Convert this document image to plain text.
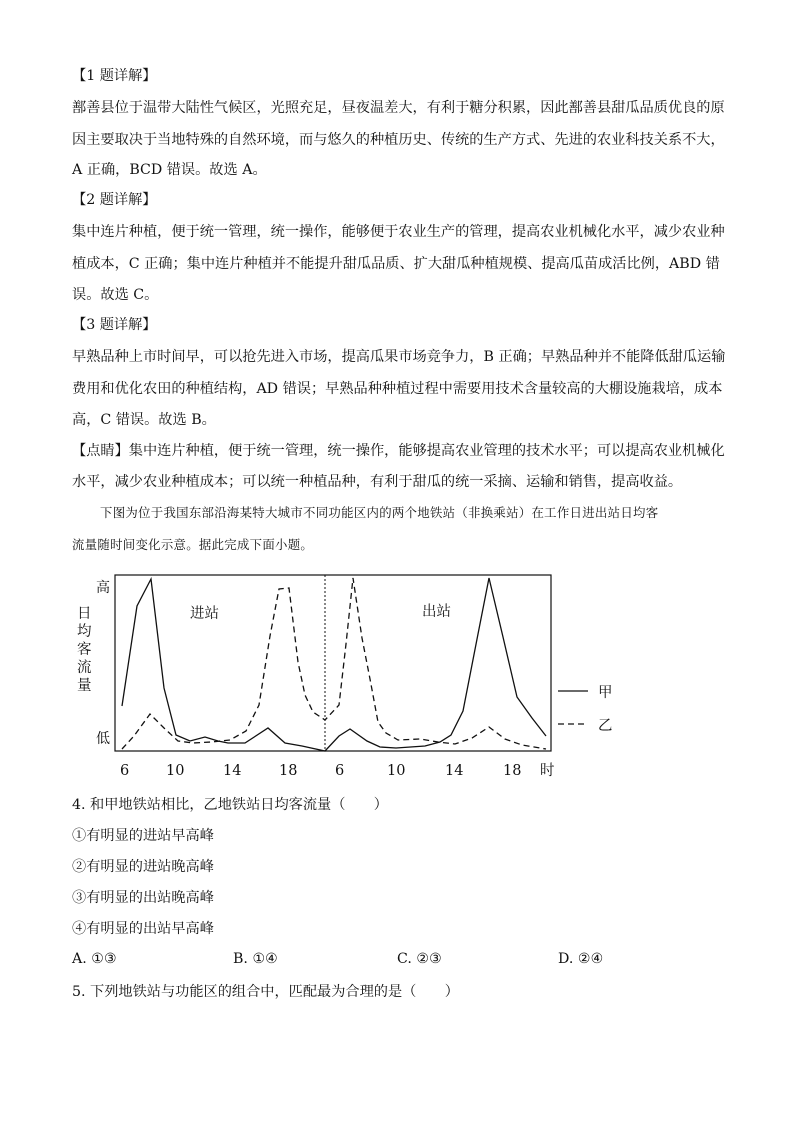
【1 题详解】
鄯善县位于温带大陆性气候区，光照充足，昼夜温差大，有利于糖分积累，因此鄯善县甜瓜品质优良的原
因主要取决于当地特殊的自然环境，而与悠久的种植历史、传统的生产方式、先进的农业科技关系不大，
A 正确，BCD 错误。故选 A。
【2 题详解】
集中连片种植，便于统一管理，统一操作，能够便于农业生产的管理，提高农业机械化水平，减少农业种
植成本，C 正确；集中连片种植并不能提升甜瓜品质、扩大甜瓜种植规模、提高瓜苗成活比例，ABD 错
误。故选 C。
【3 题详解】
早熟品种上市时间早，可以抢先进入市场，提高瓜果市场竞争力，B 正确；早熟品种并不能降低甜瓜运输
费用和优化农田的种植结构，AD 错误；早熟品种种植过程中需要用技术含量较高的大棚设施栽培，成本
高，C 错误。故选 B。
【点睛】集中连片种植，便于统一管理，统一操作，能够提高农业管理的技术水平；可以提高农业机械化
水平，减少农业种植成本；可以统一种植品种，有利于甜瓜的统一采摘、运输和销售，提高收益。
下图为位于我国东部沿海某特大城市不同功能区内的两个地铁站（非换乘站）在工作日进出站日均客
流量随时间变化示意。据此完成下面小题。
高
低
日
均
客
流
量
进站	出站
6	10	14	18	6	10	14	18 时
甲
乙
4. 和甲地铁站相比，乙地铁站日均客流量（　　）
①有明显的进站早高峰
②有明显的进站晚高峰
③有明显的出站晚高峰
④有明显的出站早高峰
A. ①③	B. ①④	C. ②③	D. ②④
5. 下列地铁站与功能区的组合中，匹配最为合理的是（　　）
